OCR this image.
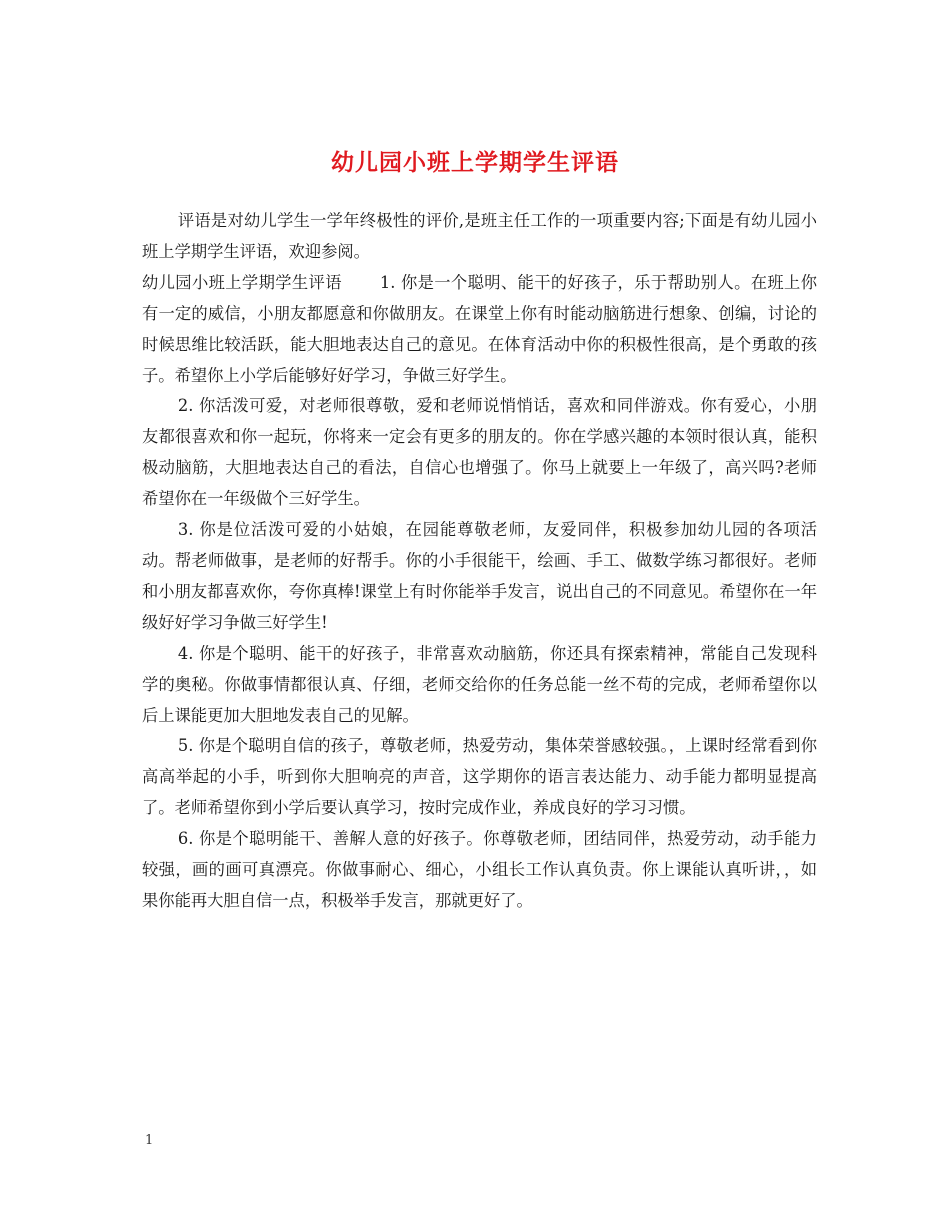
幼儿园小班上学期学生评语

评语是对幼儿学生一学年终极性的评价,是班主任工作的一项重要内容;下面是有幼儿园小班上学期学生评语，欢迎参阅。

幼儿园小班上学期学生评语 1. 你是一个聪明、能干的好孩子，乐于帮助别人。在班上你有一定的威信，小朋友都愿意和你做朋友。在课堂上你有时能动脑筋进行想象、创编，讨论的时候思维比较活跃，能大胆地表达自己的意见。在体育活动中你的积极性很高，是个勇敢的孩子。希望你上小学后能够好好学习，争做三好学生。

2. 你活泼可爱，对老师很尊敬，爱和老师说悄悄话，喜欢和同伴游戏。你有爱心，小朋友都很喜欢和你一起玩，你将来一定会有更多的朋友的。你在学感兴趣的本领时很认真，能积极动脑筋，大胆地表达自己的看法，自信心也增强了。你马上就要上一年级了，高兴吗?老师希望你在一年级做个三好学生。

3. 你是位活泼可爱的小姑娘，在园能尊敬老师，友爱同伴，积极参加幼儿园的各项活动。帮老师做事，是老师的好帮手。你的小手很能干，绘画、手工、做数学练习都很好。老师和小朋友都喜欢你，夸你真棒!课堂上有时你能举手发言，说出自己的不同意见。希望你在一年级好好学习争做三好学生!

4. 你是个聪明、能干的好孩子，非常喜欢动脑筋，你还具有探索精神，常能自己发现科学的奥秘。你做事情都很认真、仔细，老师交给你的任务总能一丝不苟的完成，老师希望你以后上课能更加大胆地发表自己的见解。

5. 你是个聪明自信的孩子，尊敬老师，热爱劳动，集体荣誉感较强。，上课时经常看到你高高举起的小手，听到你大胆响亮的声音，这学期你的语言表达能力、动手能力都明显提高了。老师希望你到小学后要认真学习，按时完成作业，养成良好的学习习惯。

6. 你是个聪明能干、善解人意的好孩子。你尊敬老师，团结同伴，热爱劳动，动手能力较强，画的画可真漂亮。你做事耐心、细心，小组长工作认真负责。你上课能认真听讲，，如果你能再大胆自信一点，积极举手发言，那就更好了。

1
